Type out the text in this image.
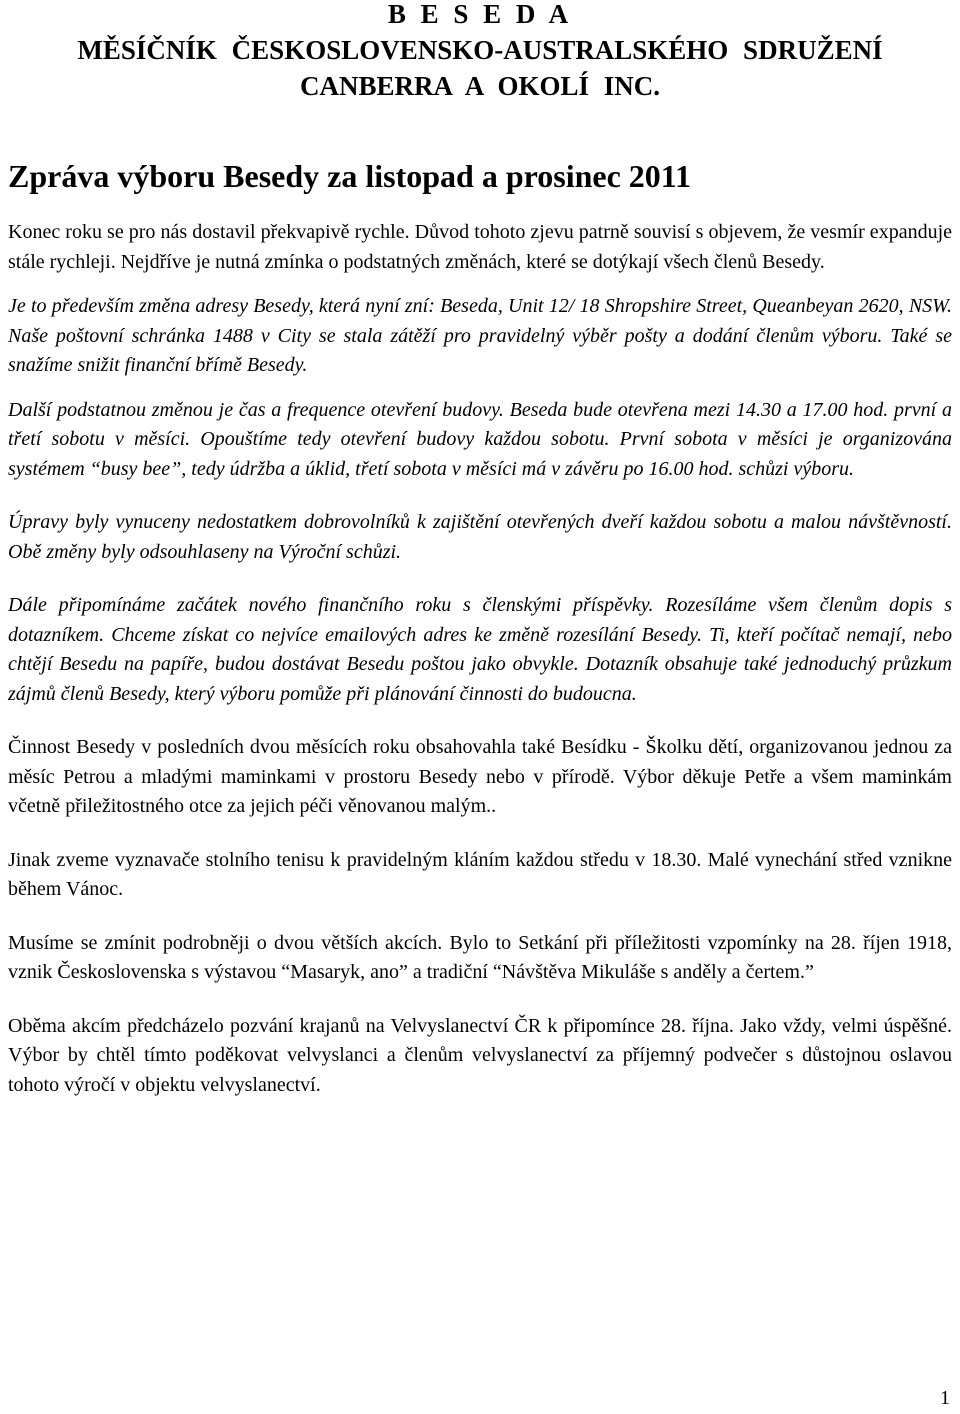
B E S E D A
MĚSÍČNÍK ČESKOSLOVENSKO-AUSTRALSKÉHO SDRUŽENÍ
CANBERRA A OKOLÍ INC.
Zpráva výboru Besedy za listopad a prosinec 2011

Konec roku se pro nás dostavil překvapivě rychle. Důvod tohoto zjevu patrně souvisí s objevem, že vesmír expanduje stále rychleji. Nejdříve je nutná zmínka o podstatných změnách, které se dotýkají všech členů Besedy.

Je to především změna adresy Besedy, která nyní zní: Beseda, Unit 12/ 18 Shropshire Street, Queanbeyan 2620, NSW. Naše poštovní schránka 1488 v City se stala zátěží pro pravidelný výběr pošty a dodání členům výboru. Také se snažíme snižit finanční břímě Besedy.

Další podstatnou změnou je čas a frequence otevření budovy. Beseda bude otevřena mezi 14.30 a 17.00 hod. první a třetí sobotu v měsíci. Opouštíme tedy otevření budovy každou sobotu. První sobota v měsíci je organizována systémem “busy bee”, tedy údržba a úklid, třetí sobota v měsíci má v závěru po 16.00 hod. schůzi výboru.

Úpravy byly vynuceny nedostatkem dobrovolníků k zajištění otevřených dveří každou sobotu a malou návštěvností. Obě změny byly odsouhlaseny na Výroční schůzi.

Dále připomínáme začátek nového finančního roku s členskými příspěvky. Rozesíláme všem členům dopis s dotazníkem. Chceme získat co nejvíce emailových adres ke změně rozesílání Besedy. Ti, kteří počítač nemají, nebo chtějí Besedu na papíře, budou dostávat Besedu poštou jako obvykle. Dotazník obsahuje také jednoduchý průzkum zájmů členů Besedy, který výboru pomůže při plánování činnosti do budoucna.

Činnost Besedy v posledních dvou měsících roku obsahovahla také Besídku - Školku dětí, organizovanou jednou za měsíc Petrou a mladými maminkami v prostoru Besedy nebo v přírodě. Výbor děkuje Petře a všem maminkám včetně přiležitostného otce za jejich péči věnovanou malým..

Jinak zveme vyznavače stolního tenisu k pravidelným kláním každou středu v 18.30. Malé vynechání střed vznikne během Vánoc.

Musíme se zmínit podrobněji o dvou větších akcích. Bylo to Setkání při příležitosti vzpomínky na 28. říjen 1918, vznik Československa s výstavou “Masaryk, ano” a tradiční “Návštěva Mikuláše s anděly a čertem.”

Oběma akcím předcházelo pozvání krajanů na Velvyslanectví ČR k připomínce 28. října. Jako vždy, velmi úspěšné. Výbor by chtěl tímto poděkovat velvyslanci a členům velvyslanectví za příjemný podvečer s důstojnou oslavou tohoto výročí v objektu velvyslanectví.

1
